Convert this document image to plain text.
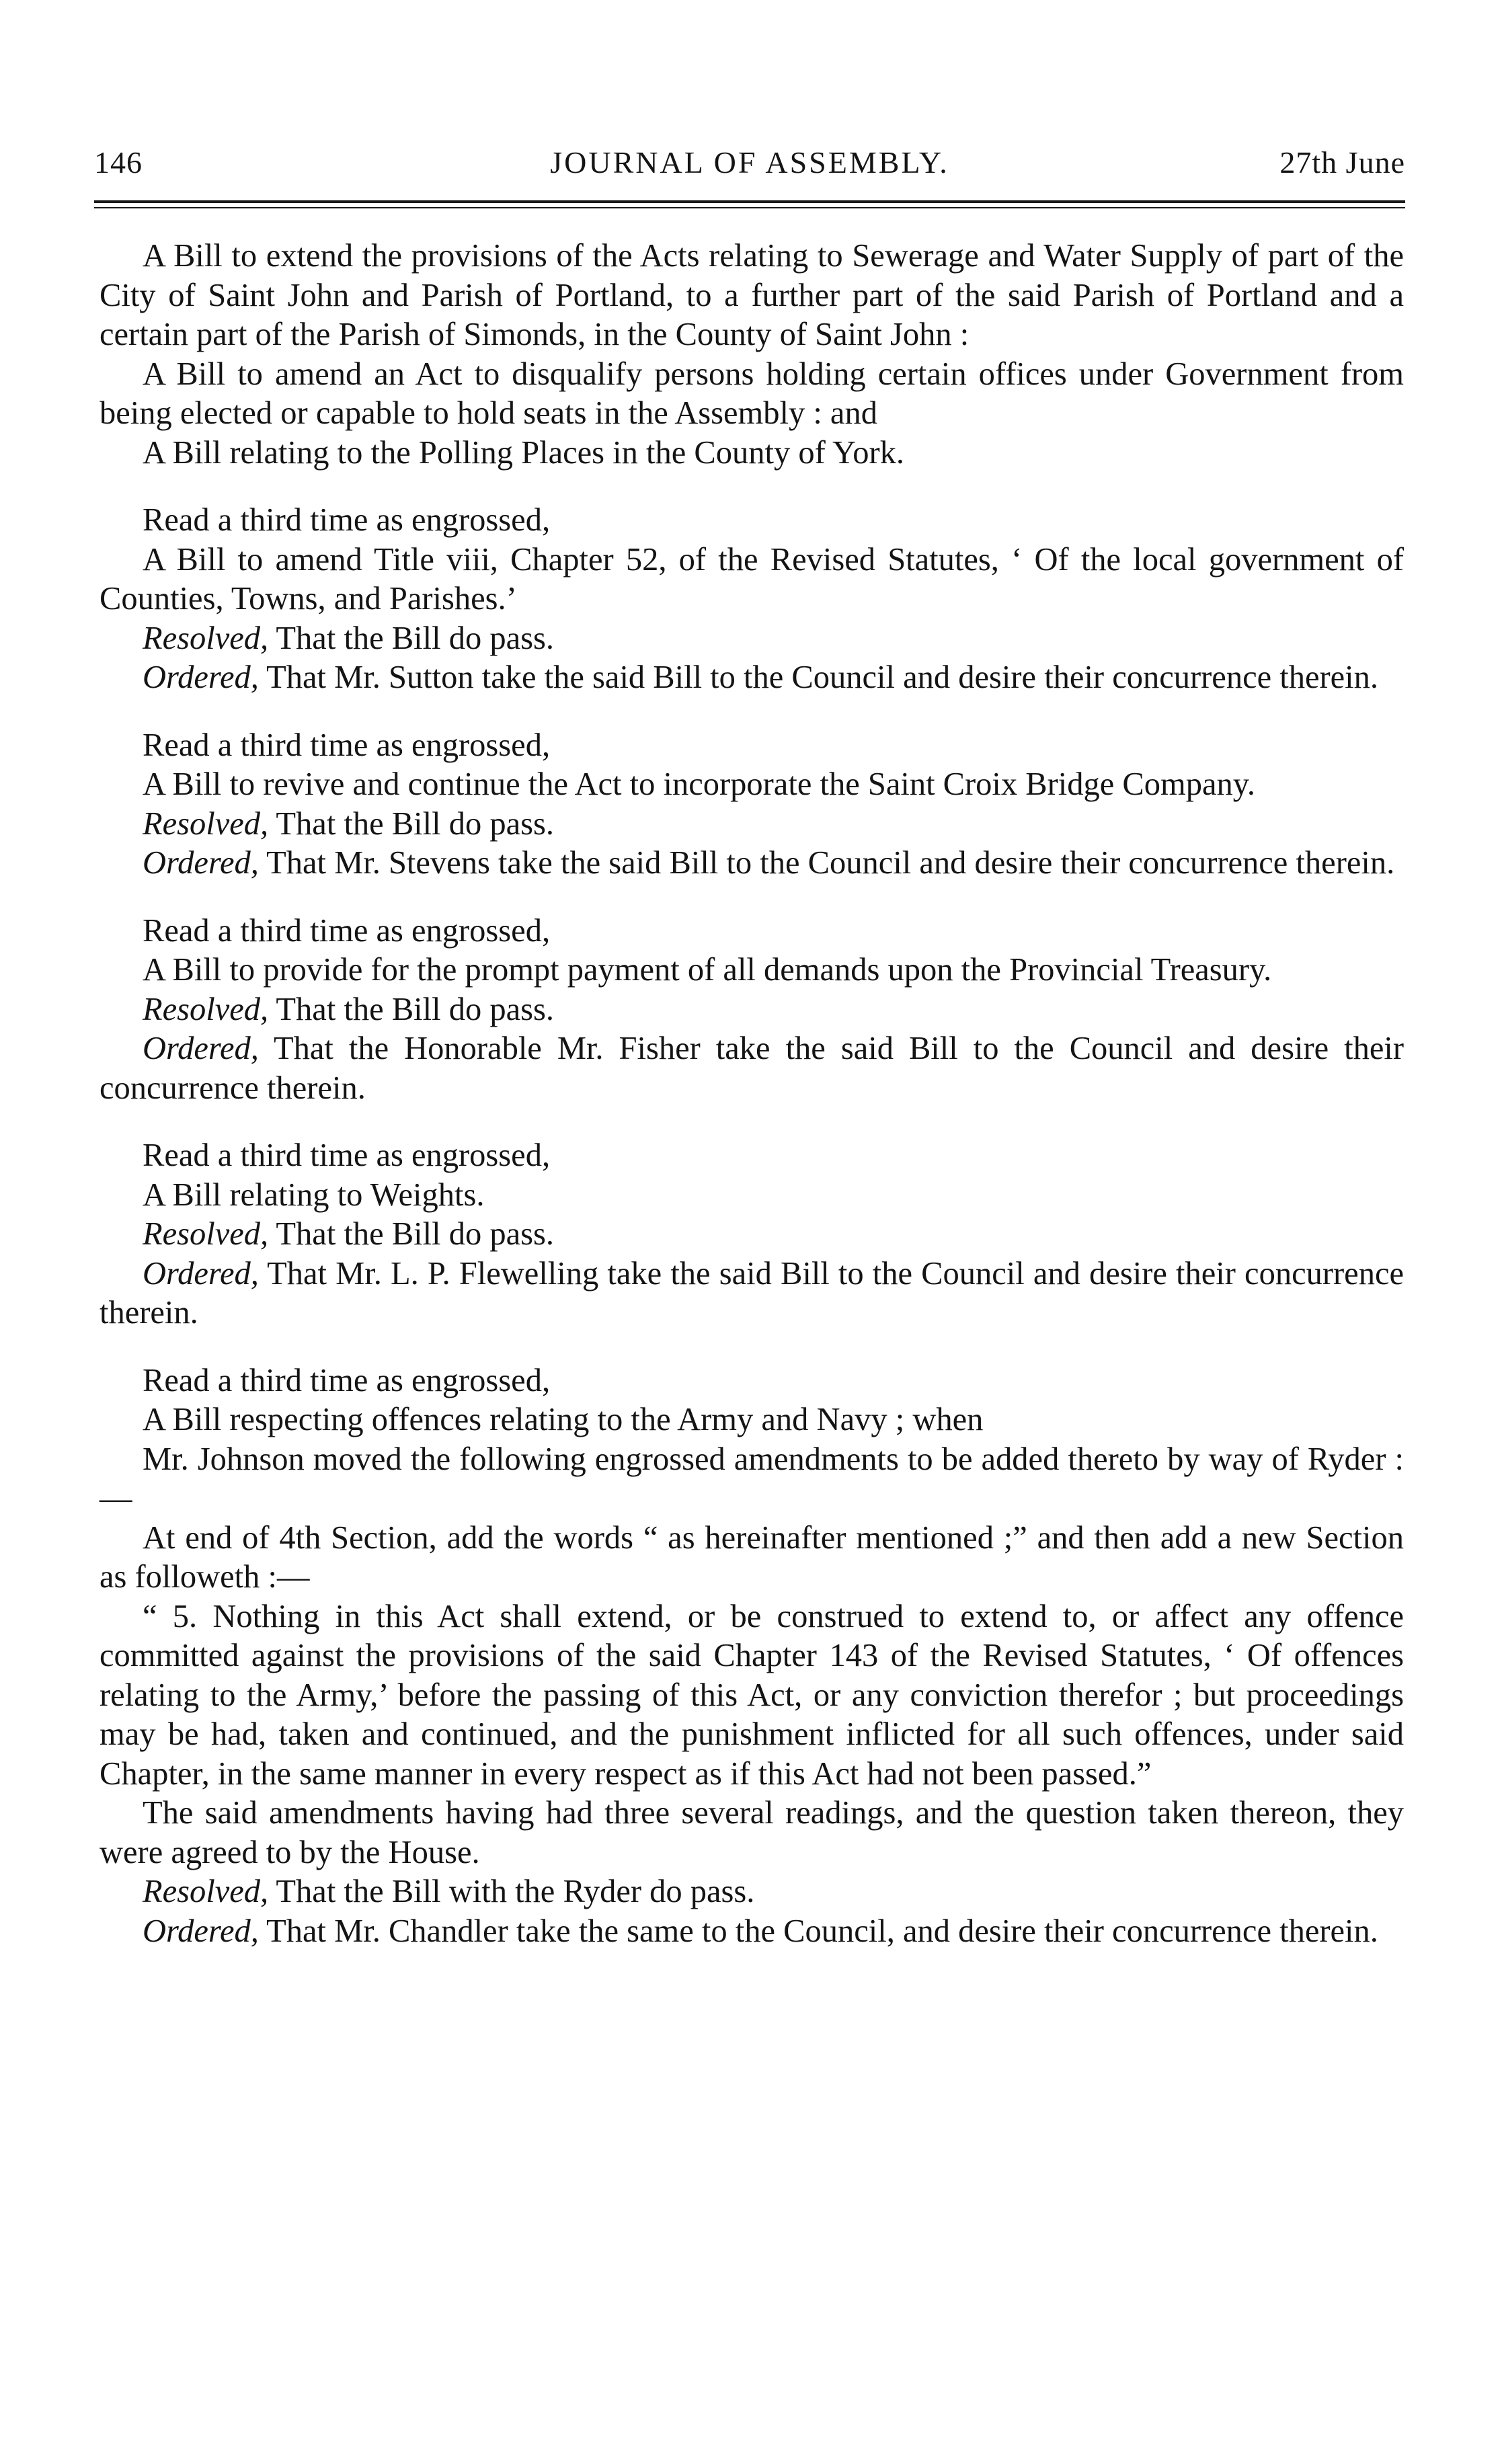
146	JOURNAL OF ASSEMBLY.	27th June

A Bill to extend the provisions of the Acts relating to Sewerage and Water Supply of part of the City of Saint John and Parish of Portland, to a further part of the said Parish of Portland and a certain part of the Parish of Simonds, in the County of Saint John :

A Bill to amend an Act to disqualify persons holding certain offices under Government from being elected or capable to hold seats in the Assembly : and

A Bill relating to the Polling Places in the County of York.

Read a third time as engrossed,

A Bill to amend Title viii, Chapter 52, of the Revised Statutes, ‘ Of the local government of Counties, Towns, and Parishes.’

Resolved, That the Bill do pass.

Ordered, That Mr. Sutton take the said Bill to the Council and desire their concurrence therein.

Read a third time as engrossed,

A Bill to revive and continue the Act to incorporate the Saint Croix Bridge Company.

Resolved, That the Bill do pass.

Ordered, That Mr. Stevens take the said Bill to the Council and desire their concurrence therein.

Read a third time as engrossed,

A Bill to provide for the prompt payment of all demands upon the Provincial Treasury.

Resolved, That the Bill do pass.

Ordered, That the Honorable Mr. Fisher take the said Bill to the Council and desire their concurrence therein.

Read a third time as engrossed,

A Bill relating to Weights.

Resolved, That the Bill do pass.

Ordered, That Mr. L. P. Flewelling take the said Bill to the Council and desire their concurrence therein.

Read a third time as engrossed,

A Bill respecting offences relating to the Army and Navy ; when

Mr. Johnson moved the following engrossed amendments to be added thereto by way of Ryder :—

At end of 4th Section, add the words “ as hereinafter mentioned ;” and then add a new Section as followeth :—

“ 5. Nothing in this Act shall extend, or be construed to extend to, or affect any offence committed against the provisions of the said Chapter 143 of the Revised Statutes, ‘ Of offences relating to the Army,’ before the passing of this Act, or any conviction therefor ; but proceedings may be had, taken and continued, and the punishment inflicted for all such offences, under said Chapter, in the same manner in every respect as if this Act had not been passed.”

The said amendments having had three several readings, and the question taken thereon, they were agreed to by the House.

Resolved, That the Bill with the Ryder do pass.

Ordered, That Mr. Chandler take the same to the Council, and desire their concurrence therein.
